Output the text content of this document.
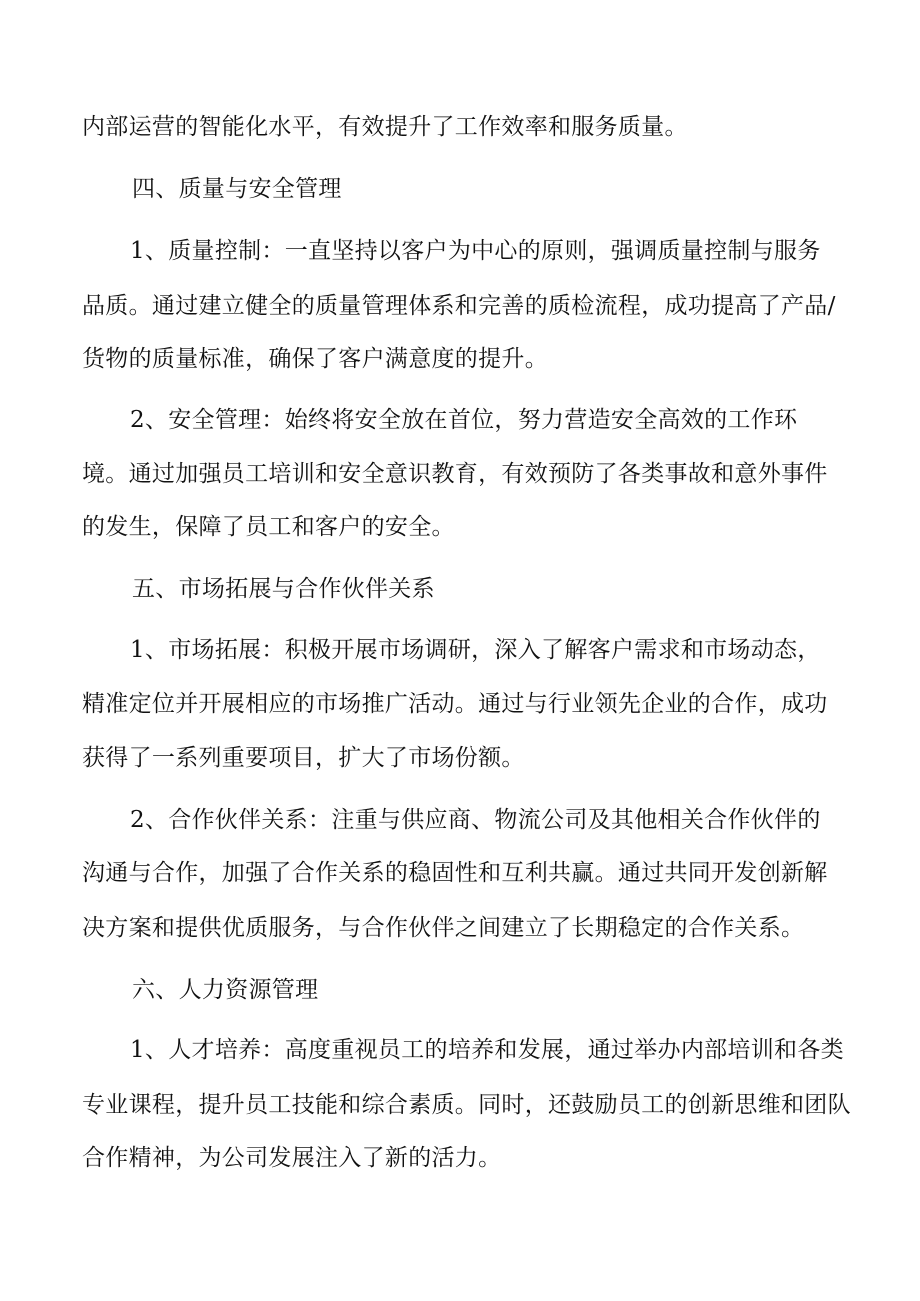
内部运营的智能化水平，有效提升了工作效率和服务质量。
四、质量与安全管理
1、质量控制：一直坚持以客户为中心的原则，强调质量控制与服务
品质。通过建立健全的质量管理体系和完善的质检流程，成功提高了产品/
货物的质量标准，确保了客户满意度的提升。
2、安全管理：始终将安全放在首位，努力营造安全高效的工作环
境。通过加强员工培训和安全意识教育，有效预防了各类事故和意外事件
的发生，保障了员工和客户的安全。
五、市场拓展与合作伙伴关系
1、市场拓展：积极开展市场调研，深入了解客户需求和市场动态，
精准定位并开展相应的市场推广活动。通过与行业领先企业的合作，成功
获得了一系列重要项目，扩大了市场份额。
2、合作伙伴关系：注重与供应商、物流公司及其他相关合作伙伴的
沟通与合作，加强了合作关系的稳固性和互利共赢。通过共同开发创新解
决方案和提供优质服务，与合作伙伴之间建立了长期稳定的合作关系。
六、人力资源管理
1、人才培养：高度重视员工的培养和发展，通过举办内部培训和各类
专业课程，提升员工技能和综合素质。同时，还鼓励员工的创新思维和团队
合作精神，为公司发展注入了新的活力。
